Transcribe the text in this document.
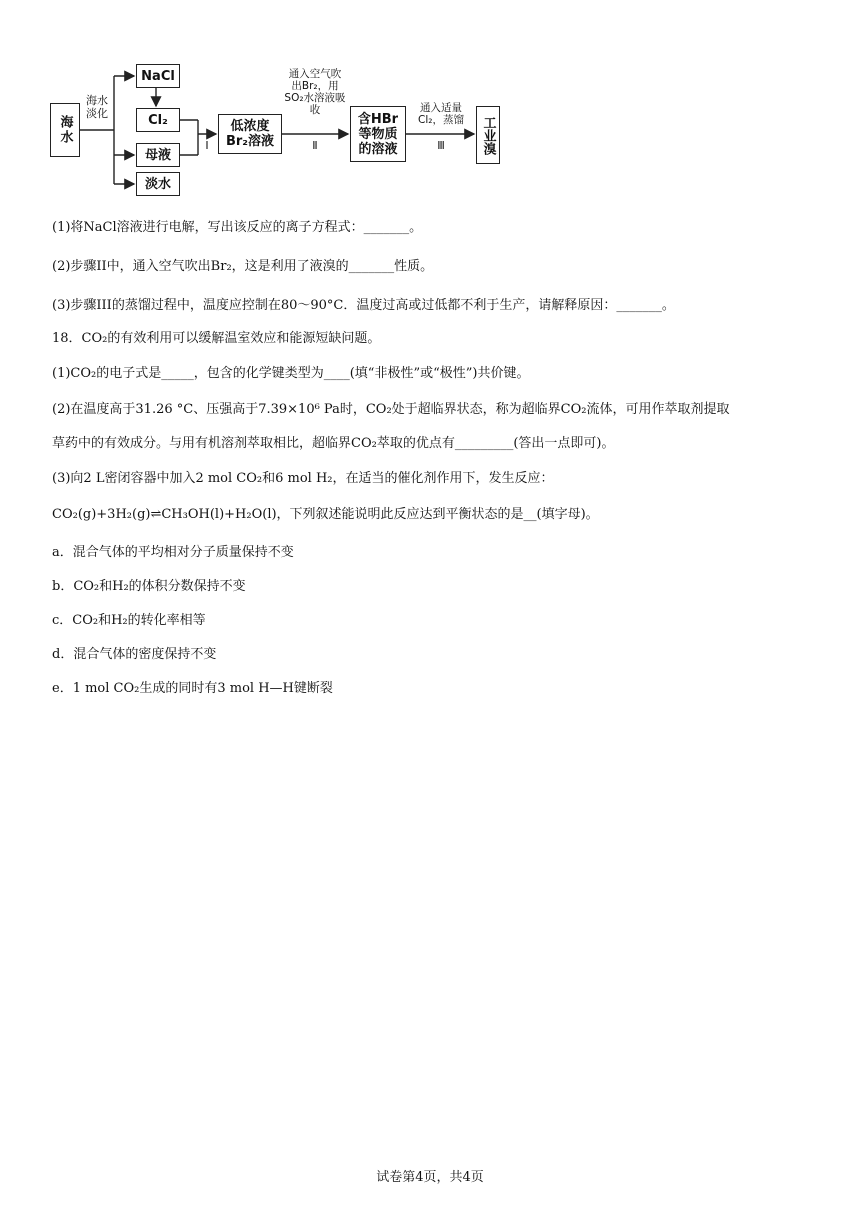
海水
海水淡化
NaCl
Cl₂
母液
淡水
Ⅰ
低浓度Br₂溶液
通入空气吹出Br₂，用SO₂水溶液吸收
Ⅱ
含HBr等物质的溶液
通入适量Cl₂，蒸馏
Ⅲ	工业溴
(1)将NaCl溶液进行电解，写出该反应的离子方程式：_______。
(2)步骤II中，通入空气吹出Br₂，这是利用了液溴的_______性质。
(3)步骤III的蒸馏过程中，温度应控制在80～90°C．温度过高或过低都不利于生产，请解释原因：_______。
18．CO₂的有效利用可以缓解温室效应和能源短缺问题。
(1)CO₂的电子式是_____，包含的化学键类型为____(填“非极性”或“极性”)共价键。
(2)在温度高于31.26 °C、压强高于7.39×10⁶ Pa时，CO₂处于超临界状态，称为超临界CO₂流体，可用作萃取剂提取
草药中的有效成分。与用有机溶剂萃取相比，超临界CO₂萃取的优点有_________(答出一点即可)。
(3)向2 L密闭容器中加入2 mol CO₂和6 mol H₂，在适当的催化剂作用下，发生反应：
CO₂(g)+3H₂(g)⇌CH₃OH(l)+H₂O(l)，下列叙述能说明此反应达到平衡状态的是__(填字母)。
a．混合气体的平均相对分子质量保持不变
b．CO₂和H₂的体积分数保持不变
c．CO₂和H₂的转化率相等
d．混合气体的密度保持不变
e．1 mol CO₂生成的同时有3 mol H—H键断裂
试卷第4页，共4页
